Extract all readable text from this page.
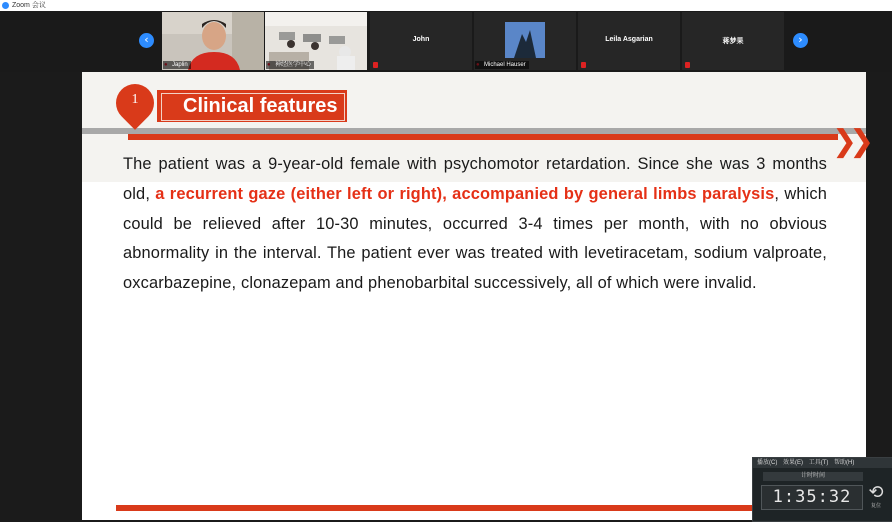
Zoom 会议
‹
Japlin	神经医学中心
John
Michael Hauser
Leila Asgarian	蒋梦果	›
1	Clinical features
❯❯
The patient was a 9-year-old female with psychomotor retardation. Since she was 3 months old, a recurrent gaze (either left or right), accompanied by general limbs paralysis, which could be relieved after 10-30 minutes, occurred 3-4 times per month, with no obvious abnormality in the interval. The patient ever was treated with levetiracetam, sodium valproate, oxcarbazepine, clonazepam and phenobarbital successively, all of which were invalid.
播放(C) 效果(E) 工具(T) 帮助(H)
计时时间
1:35:32 ⟲
复位
